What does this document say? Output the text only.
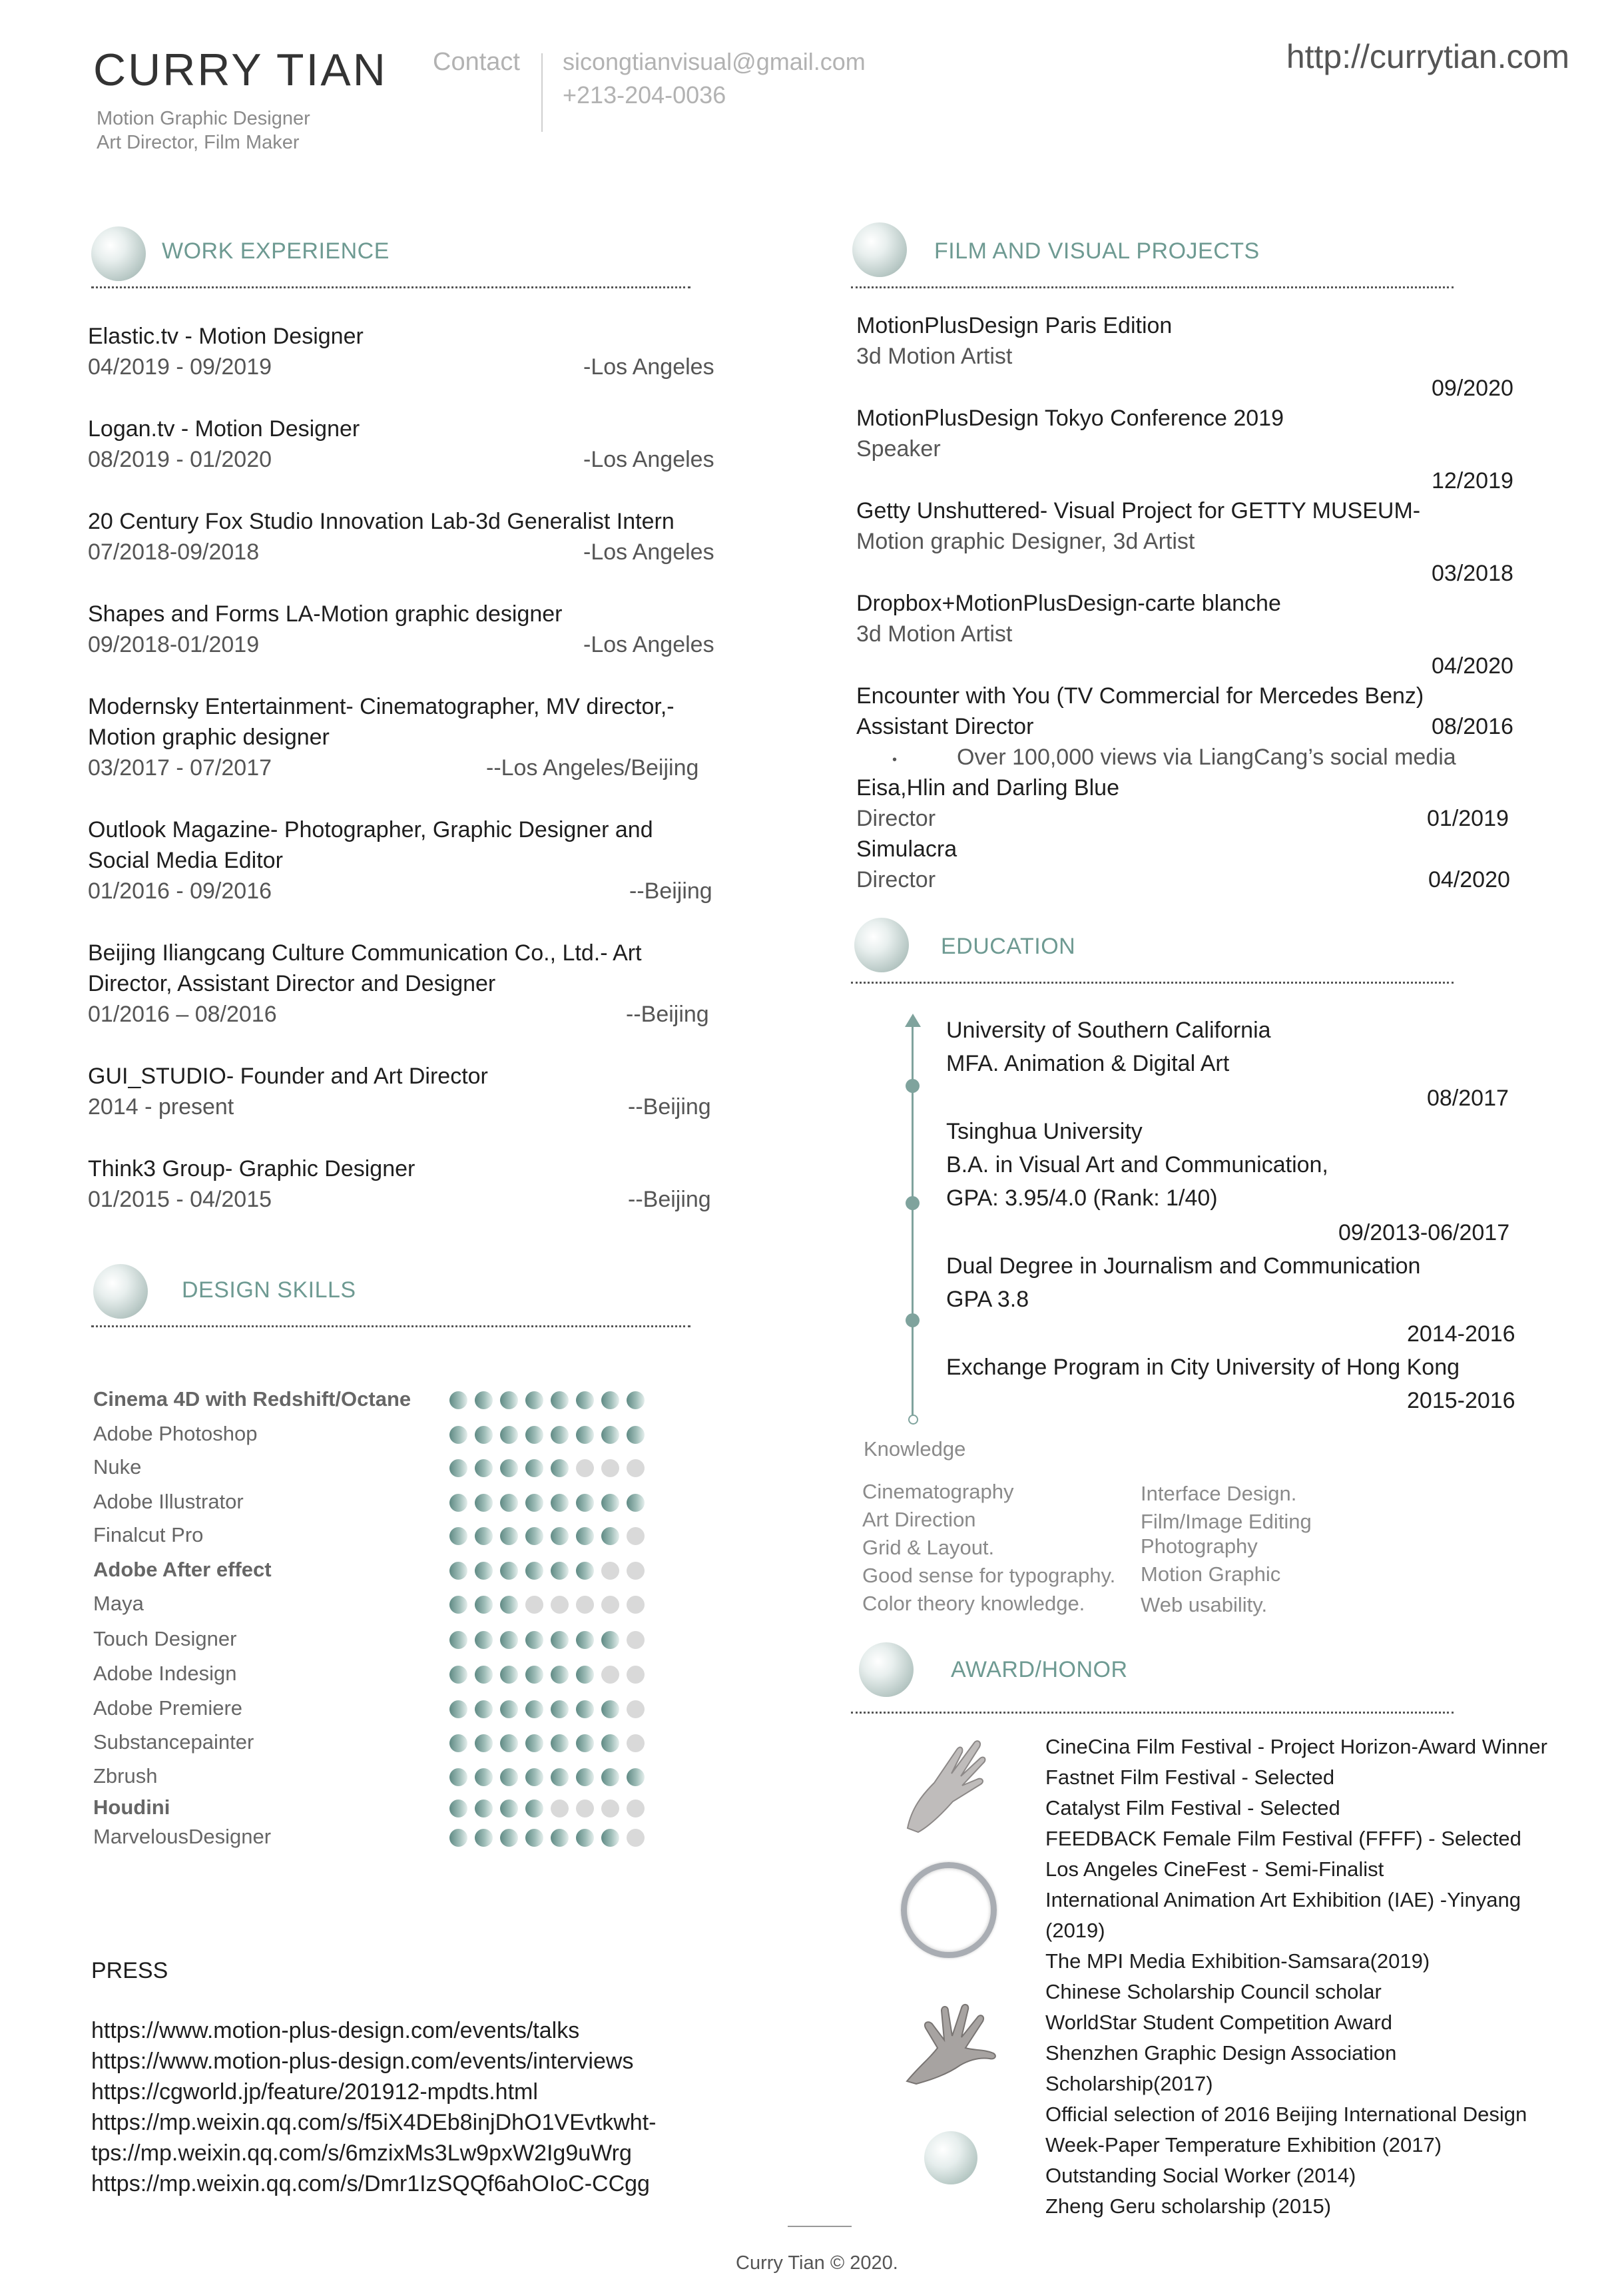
CURRY TIAN
Motion Graphic Designer
Art Director, Film Maker
Contact sicongtianvisual@gmail.com
+213-204-0036
http://currytian.com
WORK EXPERIENCE
Elastic.tv - Motion Designer
04/2019 - 09/2019	-Los Angeles
Logan.tv - Motion Designer
08/2019 - 01/2020	-Los Angeles
20 Century Fox Studio Innovation Lab-3d Generalist Intern
07/2018-09/2018	-Los Angeles
Shapes and Forms LA-Motion graphic designer
09/2018-01/2019	-Los Angeles
Modernsky Entertainment- Cinematographer, MV director,-
Motion graphic designer
03/2017 - 07/2017	--Los Angeles/Beijing
Outlook Magazine- Photographer, Graphic Designer and
Social Media Editor
01/2016 - 09/2016	--Beijing
Beijing Iliangcang Culture Communication Co., Ltd.- Art
Director, Assistant Director and Designer
01/2016 – 08/2016	--Beijing
GUI_STUDIO- Founder and Art Director
2014 - present	--Beijing
Think3 Group- Graphic Designer
01/2015 - 04/2015	--Beijing
DESIGN SKILLS
Cinema 4D with Redshift/Octane
Adobe Photoshop
Nuke
Adobe Illustrator
Finalcut Pro
Adobe After effect
Maya
Touch Designer
Adobe Indesign
Adobe Premiere
Substancepainter
Zbrush
Houdini
MarvelousDesigner
PRESS
https://www.motion-plus-design.com/events/talks
https://www.motion-plus-design.com/events/interviews
https://cgworld.jp/feature/201912-mpdts.html
https://mp.weixin.qq.com/s/f5iX4DEb8injDhO1VEvtkwht-
tps://mp.weixin.qq.com/s/6mzixMs3Lw9pxW2Ig9uWrg
https://mp.weixin.qq.com/s/Dmr1IzSQQf6ahOIoC-CCgg
FILM AND VISUAL PROJECTS
MotionPlusDesign Paris Edition
3d Motion Artist
09/2020
MotionPlusDesign Tokyo Conference 2019
Speaker
12/2019
Getty Unshuttered- Visual Project for GETTY MUSEUM-
Motion graphic Designer, 3d Artist
03/2018
Dropbox+MotionPlusDesign-carte blanche
3d Motion Artist
04/2020
Encounter with You (TV Commercial for Mercedes Benz)
Assistant Director	08/2016
•	Over 100,000 views via LiangCang’s social media
Eisa,Hlin and Darling Blue
Director	01/2019
Simulacra
Director	04/2020
EDUCATION
University of Southern California
MFA. Animation & Digital Art
08/2017
Tsinghua University
B.A. in Visual Art and Communication,
GPA: 3.95/4.0 (Rank: 1/40)
09/2013-06/2017
Dual Degree in Journalism and Communication
GPA 3.8
2014-2016
Exchange Program in City University of Hong Kong
2015-2016
Knowledge
Cinematography
Art Direction
Grid & Layout.
Good sense for typography.
Color theory knowledge.
Interface Design.
Film/Image Editing
Photography
Motion Graphic
Web usability.
AWARD/HONOR
CineCina Film Festival - Project Horizon-Award Winner
Fastnet Film Festival - Selected
Catalyst Film Festival - Selected
FEEDBACK Female Film Festival (FFFF) - Selected
Los Angeles CineFest - Semi-Finalist
International Animation Art Exhibition (IAE) -Yinyang
(2019)
The MPI Media Exhibition-Samsara(2019)
Chinese Scholarship Council scholar
WorldStar Student Competition Award
Shenzhen Graphic Design Association
Scholarship(2017)
Official selection of 2016 Beijing International Design
Week-Paper Temperature Exhibition (2017)
Outstanding Social Worker (2014)
Zheng Geru scholarship (2015)
Curry Tian © 2020.
